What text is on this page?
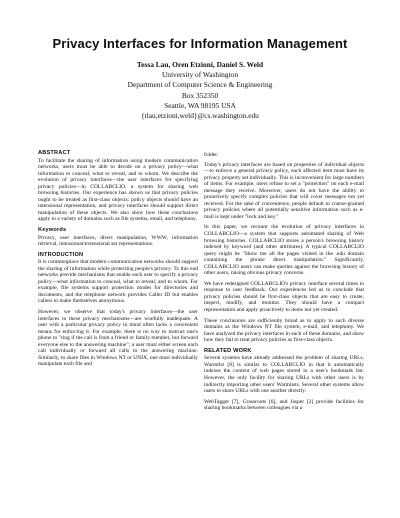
Privacy Interfaces for Information Management
Tessa Lau, Oren Etzioni, Daniel S. Weld
University of Washington
Department of Computer Science & Engineering
Box 352350
Seattle, WA 98195 USA
{tlau,etzioni,weld}@cs.washington.edu
ABSTRACT

To facilitate the sharing of information using modern communication networks, users must be able to decide on a privacy policy—what information to conceal, what to reveal, and to whom. We describe the evolution of privacy interfaces—the user interfaces for specifying privacy policies—in COLLABCLIO, a system for sharing web browsing histories. Our experience has shown us that privacy policies ought to be treated as first-class objects: policy objects should have an intensional representation, and privacy interfaces should support direct manipulation of these objects. We also show how these conclusions apply to a variety of domains such as file systems, email, and telephony.

Keywords

Privacy, user interfaces, direct manipulation, WWW, information retrieval, intensional/extensional set representations.

INTRODUCTION

It is commonplace that modern communication networks should support the sharing of information while protecting people's privacy. To this end networks provide mechanisms that enable each user to specify a privacy policy—what information to conceal, what to reveal, and to whom. For example, file systems support protection modes for directories and documents, and the telephone network provides Caller ID but enables callers to make themselves anonymous.

However, we observe that today's privacy interfaces—the user interfaces to these privacy mechanisms—are woefully inadequate. A user with a particular privacy policy in mind often lacks a convenient means for enforcing it. For example, there is no way to instruct one's phone to "ring if the call is from a friend or family member, but forward everyone else to the answering machine"; a user must either screen each call individually or forward all calls to the answering machine. Similarly, to share files in Windows NT or UNIX, one must individually manipulate each file and

folder.

Today's privacy interfaces are based on properties of individual objects—to enforce a general privacy policy, each affected item must have its privacy property set individually. This is inconvenient for large numbers of items. For example, users refuse to set a "protection" on each e-mail message they receive. Moreover, users do not have the ability to proactively specify complex policies that will cover messages not yet received. For the sake of convenience, people default to coarse-grained privacy policies where all potentially sensitive information such as e-mail is kept under "lock and key."

In this paper, we recount the evolution of privacy interfaces in COLLABCLIO—a system that supports automated sharing of Web browsing histories. COLLABCLIO stores a person's browsing history indexed by keyword (and other attributes). A typical COLLABCLIO query might be "Show me all the pages visited in the .edu domain containing the phrase direct manipulation." Significantly, COLLABCLIO users can make queries against the browsing history of other users, raising obvious privacy concerns.

We have redesigned COLLABCLIO's privacy interface several times in response to user feedback. Our experiences led us to conclude that privacy policies should be first-class objects that are easy to create, inspect, modify, and monitor. They should have a compact representation and apply proactively to items not yet created.

These conclusions are sufficiently broad as to apply to such diverse domains as the Windows NT file system, e-mail, and telephony. We have analyzed the privacy interfaces in each of these domains, and show how they fail to treat privacy policies as first-class objects.

RELATED WORK

Several systems have already addressed the problem of sharing URLs. Warmlist [8] is similar to COLLABCLIO in that it automatically indexes the content of web pages stored in a user's bookmark list. However, the only facility for sharing URLs with other users is by indirectly importing other users' Warmlists. Several other systems allow users to share URLs with one another directly.

WebTagger [7], Grassroots [6], and Jasper [2] provide facilities for sharing bookmarks between colleagues via a
